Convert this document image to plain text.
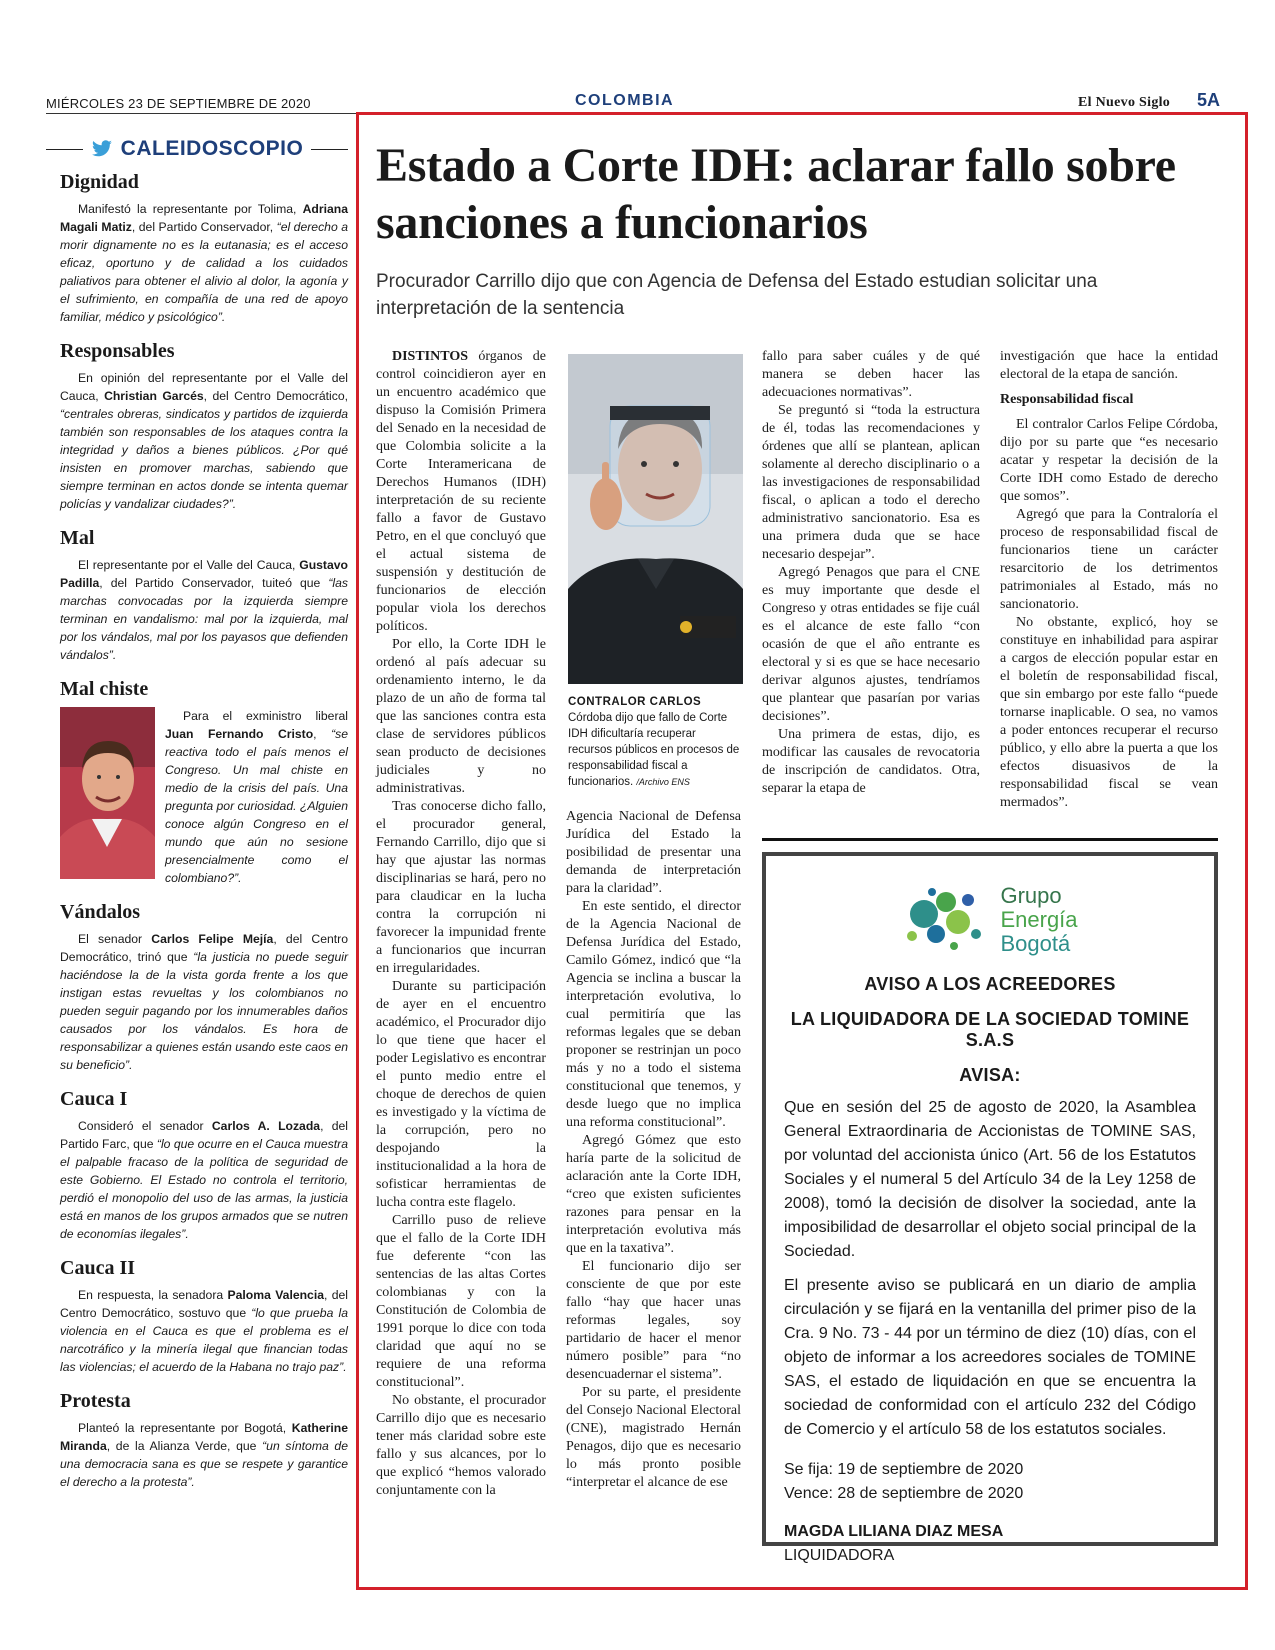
MIÉRCOLES 23 DE SEPTIEMBRE DE 2020	COLOMBIA	El Nuevo Siglo 5A
CALEIDOSCOPIO
Dignidad

Manifestó la representante por Tolima, Adriana Magali Matiz, del Partido Conservador, “el derecho a morir dignamente no es la eutanasia; es el acceso eficaz, oportuno y de calidad a los cuidados paliativos para obtener el alivio al dolor, la agonía y el sufrimiento, en compañía de una red de apoyo familiar, médico y psicológico”.

Responsables

En opinión del representante por el Valle del Cauca, Christian Garcés, del Centro Democrático, “centrales obreras, sindicatos y partidos de izquierda también son responsables de los ataques contra la integridad y daños a bienes públicos. ¿Por qué insisten en promover marchas, sabiendo que siempre terminan en actos donde se intenta quemar policías y vandalizar ciudades?”.

Mal

El representante por el Valle del Cauca, Gustavo Padilla, del Partido Conservador, tuiteó que “las marchas convocadas por la izquierda siempre terminan en vandalismo: mal por la izquierda, mal por los vándalos, mal por los payasos que defienden vándalos”.

Mal chiste

Para el exministro liberal Juan Fernando Cristo, “se reactiva todo el país menos el Congreso. Un mal chiste en medio de la crisis del país. Una pregunta por curiosidad. ¿Alguien conoce algún Congreso en el mundo que aún no sesione presencialmente como el colombiano?”.

Vándalos

El senador Carlos Felipe Mejía, del Centro Democrático, trinó que “la justicia no puede seguir haciéndose la de la vista gorda frente a los que instigan estas revueltas y los colombianos no pueden seguir pagando por los innumerables daños causados por los vándalos. Es hora de responsabilizar a quienes están usando este caos en su beneficio”.

Cauca I

Consideró el senador Carlos A. Lozada, del Partido Farc, que “lo que ocurre en el Cauca muestra el palpable fracaso de la política de seguridad de este Gobierno. El Estado no controla el territorio, perdió el monopolio del uso de las armas, la justicia está en manos de los grupos armados que se nutren de economías ilegales”.

Cauca II

En respuesta, la senadora Paloma Valencia, del Centro Democrático, sostuvo que “lo que prueba la violencia en el Cauca es que el problema es el narcotráfico y la minería ilegal que financian todas las violencias; el acuerdo de la Habana no trajo paz”.

Protesta

Planteó la representante por Bogotá, Katherine Miranda, de la Alianza Verde, que “un síntoma de una democracia sana es que se respete y garantice el derecho a la protesta”.

Estado a Corte IDH: aclarar fallo sobre sanciones a funcionarios
Procurador Carrillo dijo que con Agencia de Defensa del Estado estudian solicitar una interpretación de la sentencia

DISTINTOS órganos de control coincidieron ayer en un encuentro académico que dispuso la Comisión Primera del Senado en la necesidad de que Colombia solicite a la Corte Interamericana de Derechos Humanos (IDH) interpretación de su reciente fallo a favor de Gustavo Petro, en el que concluyó que el actual sistema de suspensión y destitución de funcionarios de elección popular viola los derechos políticos.

Por ello, la Corte IDH le ordenó al país adecuar su ordenamiento interno, le da plazo de un año de forma tal que las sanciones contra esta clase de servidores públicos sean producto de decisiones judiciales y no administrativas.

Tras conocerse dicho fallo, el procurador general, Fernando Carrillo, dijo que si hay que ajustar las normas disciplinarias se hará, pero no para claudicar en la lucha contra la corrupción ni favorecer la impunidad frente a funcionarios que incurran en irregularidades.

Durante su participación de ayer en el encuentro académico, el Procurador dijo lo que tiene que hacer el poder Legislativo es encontrar el punto medio entre el choque de derechos de quien es investigado y la víctima de la corrupción, pero no despojando la institucionalidad a la hora de sofisticar herramientas de lucha contra este flagelo.

Carrillo puso de relieve que el fallo de la Corte IDH fue deferente “con las sentencias de las altas Cortes colombianas y con la Constitución de Colombia de 1991 porque lo dice con toda claridad que aquí no se requiere de una reforma constitucional”.

No obstante, el procurador Carrillo dijo que es necesario tener más claridad sobre este fallo y sus alcances, por lo que explicó “hemos valorado conjuntamente con la

CONTRALOR CARLOS
Córdoba dijo que fallo de Corte IDH dificultaría recuperar recursos públicos en procesos de responsabilidad fiscal a funcionarios. /Archivo ENS

Agencia Nacional de Defensa Jurídica del Estado la posibilidad de presentar una demanda de interpretación para la claridad”.

En este sentido, el director de la Agencia Nacional de Defensa Jurídica del Estado, Camilo Gómez, indicó que “la Agencia se inclina a buscar la interpretación evolutiva, lo cual permitiría que las reformas legales que se deban proponer se restrinjan un poco más y no a todo el sistema constitucional que tenemos, y desde luego que no implica una reforma constitucional”.

Agregó Gómez que esto haría parte de la solicitud de aclaración ante la Corte IDH, “creo que existen suficientes razones para pensar en la interpretación evolutiva más que en la taxativa”.

El funcionario dijo ser consciente de que por este fallo “hay que hacer unas reformas legales, soy partidario de hacer el menor número posible” para “no desencuadernar el sistema”.

Por su parte, el presidente del Consejo Nacional Electoral (CNE), magistrado Hernán Penagos, dijo que es necesario lo más pronto posible “interpretar el alcance de ese

fallo para saber cuáles y de qué manera se deben hacer las adecuaciones normativas”.

Se preguntó si “toda la estructura de él, todas las recomendaciones y órdenes que allí se plantean, aplican solamente al derecho disciplinario o a las investigaciones de responsabilidad fiscal, o aplican a todo el derecho administrativo sancionatorio. Esa es una primera duda que se hace necesario despejar”.

Agregó Penagos que para el CNE es muy importante que desde el Congreso y otras entidades se fije cuál es el alcance de este fallo “con ocasión de que el año entrante es electoral y si es que se hace necesario derivar algunos ajustes, tendríamos que plantear que pasarían por varias decisiones”.

Una primera de estas, dijo, es modificar las causales de revocatoria de inscripción de candidatos. Otra, separar la etapa de

investigación que hace la entidad electoral de la etapa de sanción.

Responsabilidad fiscal

El contralor Carlos Felipe Córdoba, dijo por su parte que “es necesario acatar y respetar la decisión de la Corte IDH como Estado de derecho que somos”.

Agregó que para la Contraloría el proceso de responsabilidad fiscal de funcionarios tiene un carácter resarcitorio de los detrimentos patrimoniales al Estado, más no sancionatorio.

No obstante, explicó, hoy se constituye en inhabilidad para aspirar a cargos de elección popular estar en el boletín de responsabilidad fiscal, que sin embargo por este fallo “puede tornarse inaplicable. O sea, no vamos a poder entonces recuperar el recurso público, y ello abre la puerta a que los efectos disuasivos de la responsabilidad fiscal se vean mermados”.

Grupo
Energía
Bogotá
AVISO A LOS ACREEDORES
LA LIQUIDADORA DE LA SOCIEDAD TOMINE S.A.S
AVISA:

Que en sesión del 25 de agosto de 2020, la Asamblea General Extraordinaria de Accionistas de TOMINE SAS, por voluntad del accionista único (Art. 56 de los Estatutos Sociales y el numeral 5 del Artículo 34 de la Ley 1258 de 2008), tomó la decisión de disolver la sociedad, ante la imposibilidad de desarrollar el objeto social principal de la Sociedad.

El presente aviso se publicará en un diario de amplia circulación y se fijará en la ventanilla del primer piso de la Cra. 9 No. 73 - 44 por un término de diez (10) días, con el objeto de informar a los acreedores sociales de TOMINE SAS, el estado de liquidación en que se encuentra la sociedad de conformidad con el artículo 232 del Código de Comercio y el artículo 58 de los estatutos sociales.

Se fija: 19 de septiembre de 2020
Vence: 28 de septiembre de 2020

MAGDA LILIANA DIAZ MESA
LIQUIDADORA
